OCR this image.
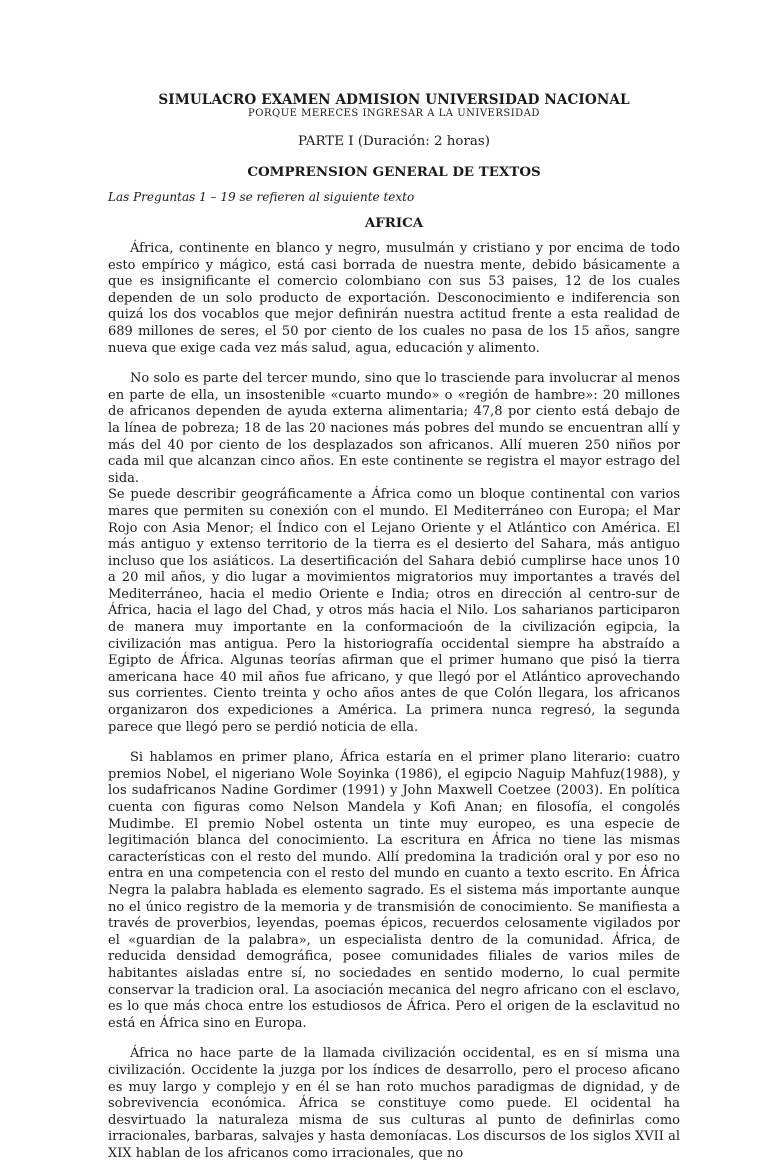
SIMULACRO EXAMEN ADMISION UNIVERSIDAD NACIONAL
PORQUE MERECES INGRESAR A LA UNIVERSIDAD
PARTE I (Duración: 2 horas)
COMPRENSION GENERAL DE TEXTOS
Las Preguntas 1 – 19 se refieren al siguiente texto
AFRICA

África, continente en blanco y negro, musulmán y cristiano y por encima de todo esto empírico y mágico, está casi borrada de nuestra mente, debido básicamente a que es insignificante el comercio colombiano con sus 53 paises, 12 de los cuales dependen de un solo producto de exportación. Desconocimiento e indiferencia son quizá los dos vocablos que mejor definirán nuestra actitud frente a esta realidad de 689 millones de seres, el 50 por ciento de los cuales no pasa de los 15 años, sangre nueva que exige cada vez más salud, agua, educación y alimento.

No solo es parte del tercer mundo, sino que lo trasciende para involucrar al menos en parte de ella, un insostenible «cuarto mundo» o «región de hambre»: 20 millones de africanos dependen de ayuda externa alimentaria; 47,8 por ciento está debajo de la línea de pobreza; 18 de las 20 naciones más pobres del mundo se encuentran allí y más del 40 por ciento de los desplazados son africanos. Allí mueren 250 niños por cada mil que alcanzan cinco años. En este continente se registra el mayor estrago del sida.

Se puede describir geográficamente a África como un bloque continental con varios mares que permiten su conexión con el mundo. El Mediterráneo con Europa; el Mar Rojo con Asia Menor; el Índico con el Lejano Oriente y el Atlántico con América. El más antiguo y extenso territorio de la tierra es el desierto del Sahara, más antiguo incluso que los asiáticos. La desertificación del Sahara debió cumplirse hace unos 10 a 20 mil años, y dio lugar a movimientos migratorios muy importantes a través del Mediterráneo, hacia el medio Oriente e India; otros en dirección al centro-sur de África, hacia el lago del Chad, y otros más hacia el Nilo. Los saharianos participaron de manera muy importante en la conformacioón de la civilización egipcia, la civilización mas antigua. Pero la historiografía occidental siempre ha abstraído a Egipto de África. Algunas teorías afirman que el primer humano que pisó la tierra americana hace 40 mil años fue africano, y que llegó por el Atlántico aprovechando sus corrientes. Ciento treinta y ocho años antes de que Colón llegara, los africanos organizaron dos expediciones a América. La primera nunca regresó, la segunda parece que llegó pero se perdió noticia de ella.

Si hablamos en primer plano, África estaría en el primer plano literario: cuatro premios Nobel, el nigeriano Wole Soyinka (1986), el egipcio Naguip Mahfuz(1988), y los sudafricanos Nadine Gordimer (1991) y John Maxwell Coetzee (2003). En política cuenta con figuras como Nelson Mandela y Kofi Anan; en filosofía, el congolés Mudimbe. El premio Nobel ostenta un tinte muy europeo, es una especie de legitimación blanca del conocimiento. La escritura en África no tiene las mismas características con el resto del mundo. Allí predomina la tradición oral y por eso no entra en una competencia con el resto del mundo en cuanto a texto escrito. En África Negra la palabra hablada es elemento sagrado. Es el sistema más importante aunque no el único registro de la memoria y de transmisión de conocimiento. Se manifiesta a través de proverbios, leyendas, poemas épicos, recuerdos celosamente vigilados por el «guardian de la palabra», un especialista dentro de la comunidad. África, de reducida densidad demográfica, posee comunidades filiales de varios miles de habitantes aisladas entre sí, no sociedades en sentido moderno, lo cual permite conservar la tradicion oral. La asociación mecanica del negro africano con el esclavo, es lo que más choca entre los estudiosos de África. Pero el origen de la esclavitud no está en África sino en Europa.

África no hace parte de la llamada civilización occidental, es en sí misma una civilización. Occidente la juzga por los índices de desarrollo, pero el proceso aficano es muy largo y complejo y en él se han roto muchos paradigmas de dignidad, y de sobrevivencia económica. África se constituye como puede. El ocidental ha desvirtuado la naturaleza misma de sus culturas al punto de definirlas como irracionales, barbaras, salvajes y hasta demoníacas. Los discursos de los siglos XVII al XIX hablan de los africanos como irracionales, que no
